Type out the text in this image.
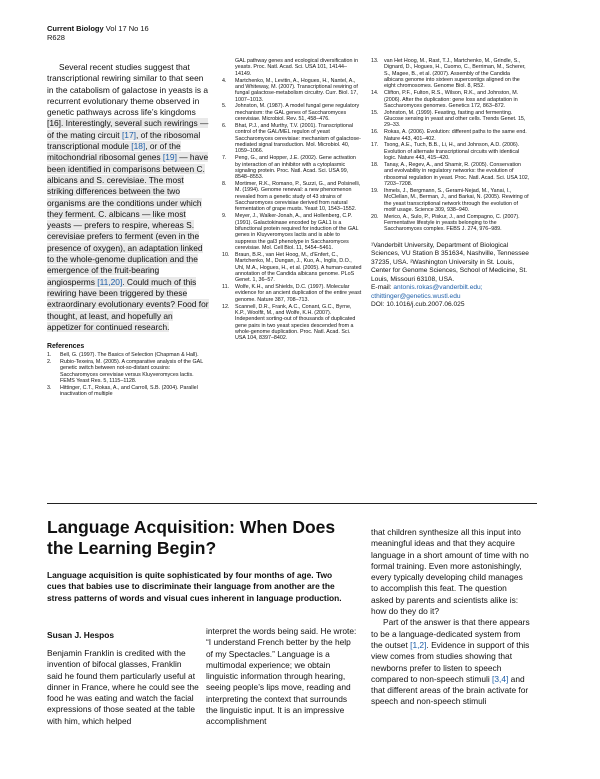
Current Biology Vol 17 No 16
R628

Several recent studies suggest that transcriptional rewiring similar to that seen in the catabolism of galactose in yeasts is a recurrent evolutionary theme observed in genetic pathways across life’s kingdoms [16]. Interestingly, several such rewirings — of the mating circuit [17], of the ribosomal transcriptional module [18], or of the mitochondrial ribosomal genes [19] — have been identified in comparisons between C. albicans and S. cerevisiae. The most striking differences between the two organisms are the conditions under which they ferment. C. albicans — like most yeasts — prefers to respire, whereas S. cerevisiae prefers to ferment (even in the presence of oxygen), an adaptation linked to the whole-genome duplication and the emergence of the fruit-bearing angiosperms [11,20]. Could much of this rewiring have been triggered by these extraordinary evolutionary events? Food for thought, at least, and hopefully an appetizer for continued research.

References
1.	Bell, G. (1997). The Basics of Selection (Chapman & Hall).
2.	Rubio-Texeira, M. (2005). A comparative analysis of the GAL genetic switch between not-so-distant cousins: Saccharomyces cerevisiae versus Kluyveromyces lactis. FEMS Yeast Res. 5, 1115–1128.
3.	Hittinger, C.T., Rokas, A., and Carroll, S.B. (2004). Parallel inactivation of multiple
GAL pathway genes and ecological diversification in yeasts. Proc. Natl. Acad. Sci. USA 101, 14144–14149.
4.	Martchenko, M., Levitin, A., Hogues, H., Nantel, A., and Whiteway, M. (2007). Transcriptional rewiring of fungal galactose-metabolism circuitry. Curr. Biol. 17, 1007–1013.
5.	Johnston, M. (1987). A model fungal gene regulatory mechanism: the GAL genes of Saccharomyces cerevisiae. Microbiol. Rev. 51, 458–476.
6.	Bhat, P.J., and Murthy, T.V. (2001). Transcriptional control of the GAL/MEL regulon of yeast Saccharomyces cerevisiae: mechanism of galactose-mediated signal transduction. Mol. Microbiol. 40, 1059–1066.
7.	Peng, G., and Hopper, J.E. (2002). Gene activation by interaction of an inhibitor with a cytoplasmic signaling protein. Proc. Natl. Acad. Sci. USA 99, 8548–8553.
8.	Mortimer, R.K., Romano, P., Suzzi, G., and Polsinelli, M. (1994). Genome renewal: a new phenomenon revealed from a genetic study of 43 strains of Saccharomyces cerevisiae derived from natural fermentation of grape musts. Yeast 10, 1543–1552.
9.	Meyer, J., Walker-Jonah, A., and Hollenberg, C.P. (1991). Galactokinase encoded by GAL1 is a bifunctional protein required for induction of the GAL genes in Kluyveromyces lactis and is able to suppress the gal3 phenotype in Saccharomyces cerevisiae. Mol. Cell Biol. 11, 5454–5461.
10.	Braun, B.R., van Het Hoog, M., d’Enfert, C., Martchenko, M., Dungan, J., Kuo, A., Inglis, D.O., Uhl, M.A., Hogues, H., et al. (2005). A human-curated annotation of the Candida albicans genome. PLoS Genet. 1, 36–57.
11.	Wolfe, K.H., and Shields, D.C. (1997). Molecular evidence for an ancient duplication of the entire yeast genome. Nature 387, 708–713.
12.	Scannell, D.R., Frank, A.C., Conant, G.C., Byrne, K.P., Woolfit, M., and Wolfe, K.H. (2007). Independent sorting-out of thousands of duplicated gene pairs in two yeast species descended from a whole-genome duplication. Proc. Natl. Acad. Sci. USA 104, 8397–8402.
13.	van Het Hoog, M., Rast, T.J., Martchenko, M., Grindle, S., Dignard, D., Hogues, H., Cuomo, C., Berriman, M., Scherer, S., Magee, B., et al. (2007). Assembly of the Candida albicans genome into sixteen supercontigs aligned on the eight chromosomes. Genome Biol. 8, R52.
14.	Clifton, P.F., Fulton, R.S., Wilson, R.K., and Johnston, M. (2006). After the duplication: gene loss and adaptation in Saccharomyces genomes. Genetics 172, 863–872.
15.	Johnston, M. (1999). Feasting, fasting and fermenting. Glucose sensing in yeast and other cells. Trends Genet. 15, 29–33.
16.	Rokas, A. (2006). Evolution: different paths to the same end. Nature 443, 401–402.
17.	Tsong, A.E., Tuch, B.B., Li, H., and Johnson, A.D. (2006). Evolution of alternate transcriptional circuits with identical logic. Nature 443, 415–420.
18.	Tanay, A., Regev, A., and Shamir, R. (2005). Conservation and evolvability in regulatory networks: the evolution of ribosomal regulation in yeast. Proc. Natl. Acad. Sci. USA 102, 7203–7208.
19.	Ihmels, J., Bergmann, S., Gerami-Nejad, M., Yanai, I., McClellan, M., Berman, J., and Barkai, N. (2005). Rewiring of the yeast transcriptional network through the evolution of motif usage. Science 309, 938–940.
20.	Merico, A., Sulo, P., Piskur, J., and Compagno, C. (2007). Fermentative lifestyle in yeasts belonging to the Saccharomyces complex. FEBS J. 274, 976–989.
¹Vanderbilt University, Department of Biological Sciences, VU Station B 351634, Nashville, Tennessee 37235, USA. ²Washington University in St. Louis, Center for Genome Sciences, School of Medicine, St. Louis, Missouri 63108, USA.
E-mail: antonis.rokas@vanderbilt.edu; cthittinger@genetics.wustl.edu
DOI: 10.1016/j.cub.2007.06.025
Language Acquisition: When Does the Learning Begin?

Language acquisition is quite sophisticated by four months of age. Two cues that babies use to discriminate their language from another are the stress patterns of words and visual cues inherent in language production.

Susan J. Hespos

Benjamin Franklin is credited with the invention of bifocal glasses, Franklin said he found them particularly useful at dinner in France, where he could see the food he was eating and watch the facial expressions of those seated at the table with him, which helped

interpret the words being said. He wrote: “I understand French better by the help of my Spectacles.” Language is a multimodal experience; we obtain linguistic information through hearing, seeing people’s lips move, reading and interpreting the context that surrounds the linguistic input. It is an impressive accomplishment

that children synthesize all this input into meaningful ideas and that they acquire language in a short amount of time with no formal training. Even more astonishingly, every typically developing child manages to accomplish this feat. The question asked by parents and scientists alike is: how do they do it?

Part of the answer is that there appears to be a language-dedicated system from the outset [1,2]. Evidence in support of this view comes from studies showing that newborns prefer to listen to speech compared to non-speech stimuli [3,4] and that different areas of the brain activate for speech and non-speech stimuli
